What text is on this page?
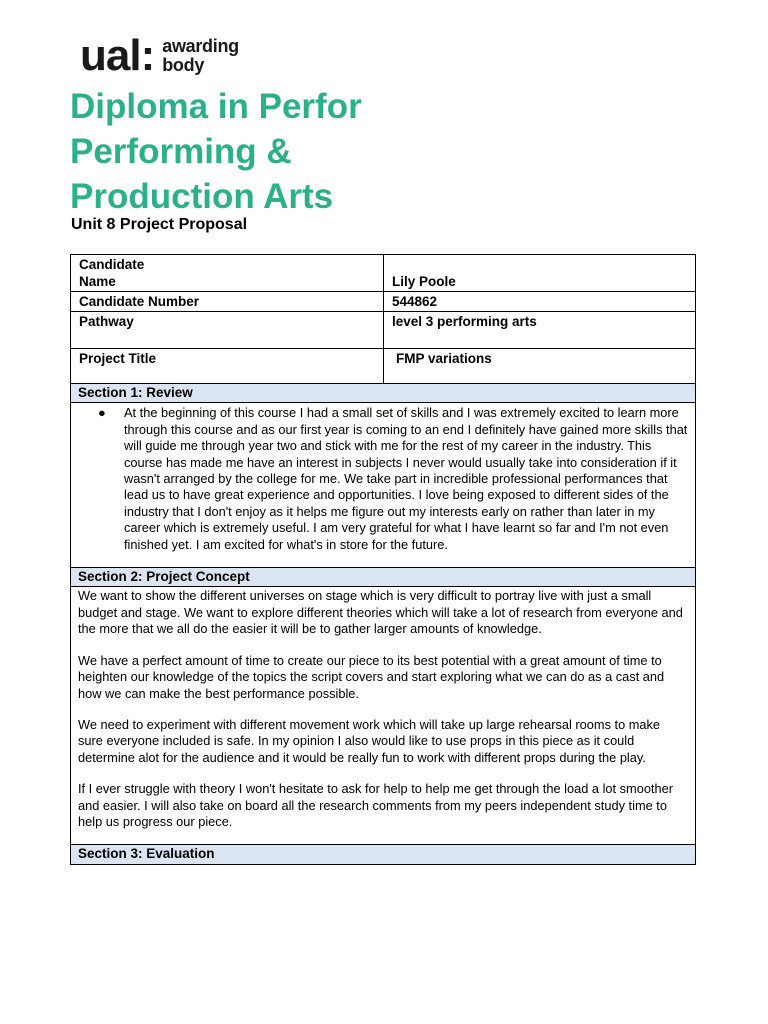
ual: awarding
body
Diploma in Perfor
Performing &
Production Arts
Unit 8 Project Proposal
Candidate
Name	Lily Poole
Candidate Number	544862
Pathway	level 3 performing arts
Project Title	FMP variations
Section 1: Review

●	At the beginning of this course I had a small set of skills and I was extremely excited to learn more through this course and as our first year is coming to an end I definitely have gained more skills that will guide me through year two and stick with me for the rest of my career in the industry. This course has made me have an interest in subjects I never would usually take into consideration if it wasn't arranged by the college for me. We take part in incredible professional performances that lead us to have great experience and opportunities. I love being exposed to different sides of the industry that I don't enjoy as it helps me figure out my interests early on rather than later in my career which is extremely useful. I am very grateful for what I have learnt so far and I'm not even finished yet. I am excited for what's in store for the future.

Section 2: Project Concept

We want to show the different universes on stage which is very difficult to portray live with just a small budget and stage. We want to explore different theories which will take a lot of research from everyone and the more that we all do the easier it will be to gather larger amounts of knowledge.

We have a perfect amount of time to create our piece to its best potential with a great amount of time to heighten our knowledge of the topics the script covers and start exploring what we can do as a cast and how we can make the best performance possible.

We need to experiment with different movement work which will take up large rehearsal rooms to make sure everyone included is safe. In my opinion I also would like to use props in this piece as it could determine alot for the audience and it would be really fun to work with different props during the play.

If I ever struggle with theory I won't hesitate to ask for help to help me get through the load a lot smoother and easier. I will also take on board all the research comments from my peers independent study time to help us progress our piece.

Section 3: Evaluation
